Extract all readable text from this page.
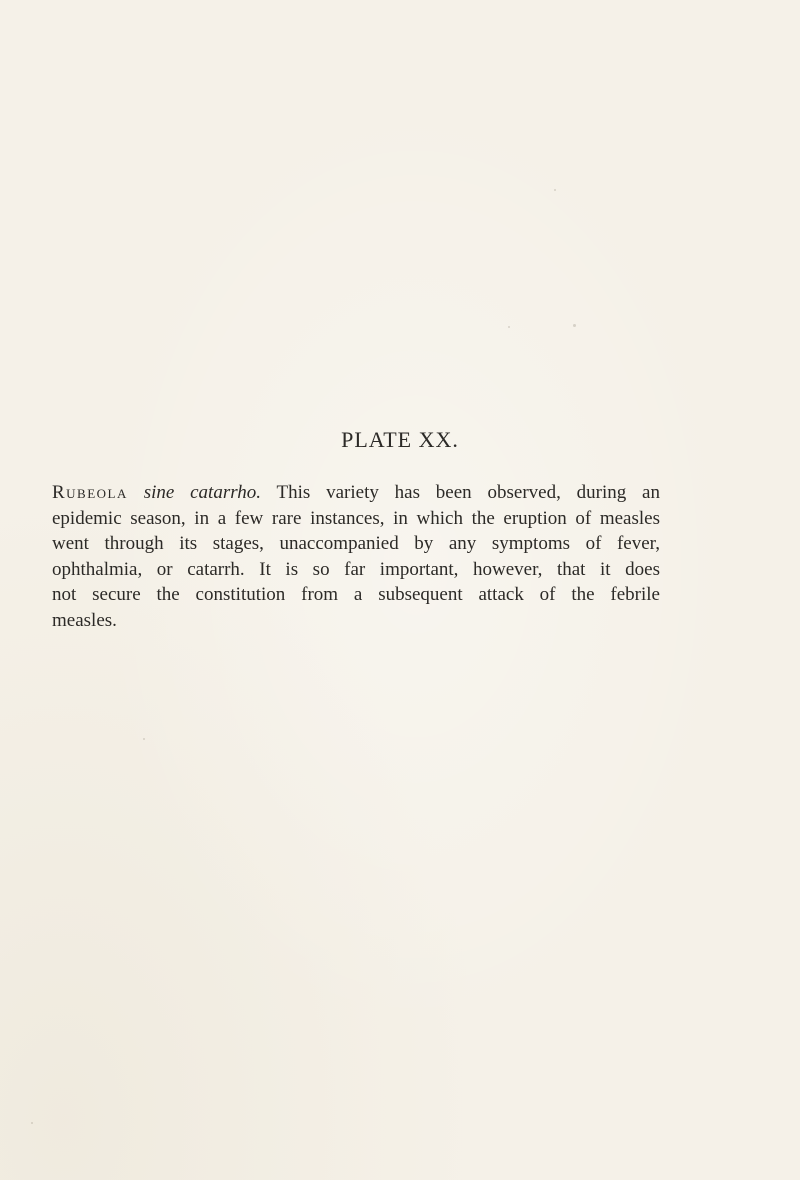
PLATE XX.
Rubeola sine catarrho. This variety has been observed, during an
epidemic season, in a few rare instances, in which the eruption of measles
went through its stages, unaccompanied by any symptoms of fever,
ophthalmia, or catarrh. It is so far important, however, that it does
not secure the constitution from a subsequent attack of the febrile
measles.
